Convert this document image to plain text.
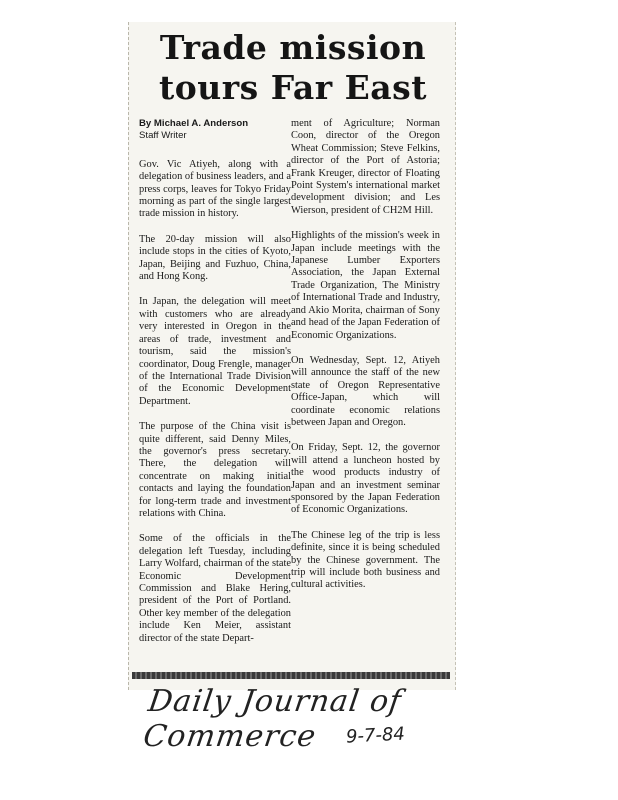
Trade mission
tours Far East
By Michael A. Anderson
Staff Writer

Gov. Vic Atiyeh, along with a delegation of business leaders, and a press corps, leaves for Tokyo Friday morning as part of the single largest trade mission in history.

The 20-day mission will also include stops in the cities of Kyoto, Japan, Beijing and Fuzhuo, China, and Hong Kong.

In Japan, the delegation will meet with customers who are already very interested in Oregon in the areas of trade, investment and tourism, said the mission's coordinator, Doug Frengle, manager of the International Trade Division of the Economic Development Department.

The purpose of the China visit is quite different, said Denny Miles, the governor's press secretary. There, the delegation will concentrate on making initial contacts and laying the foundation for long-term trade and investment relations with China.

Some of the officials in the delegation left Tuesday, including Larry Wolfard, chairman of the state Economic Development Commission and Blake Hering, president of the Port of Portland. Other key member of the delegation include Ken Meier, assistant director of the state Depart-

ment of Agriculture; Norman Coon, director of the Oregon Wheat Commission; Steve Felkins, director of the Port of Astoria; Frank Kreuger, director of Floating Point System's international market development division; and Les Wierson, president of CH2M Hill.

Highlights of the mission's week in Japan include meetings with the Japanese Lumber Exporters Association, the Japan External Trade Organization, The Ministry of International Trade and Industry, and Akio Morita, chairman of Sony and head of the Japan Federation of Economic Organizations.

On Wednesday, Sept. 12, Atiyeh will announce the staff of the new state of Oregon Representative Office-Japan, which will coordinate economic relations between Japan and Oregon.

On Friday, Sept. 12, the governor will attend a luncheon hosted by the wood products industry of Japan and an investment seminar sponsored by the Japan Federation of Economic Organizations.

The Chinese leg of the trip is less definite, since it is being scheduled by the Chinese government. The trip will include both business and cultural activities.

Daily Journal of Commerce	9-7-84
